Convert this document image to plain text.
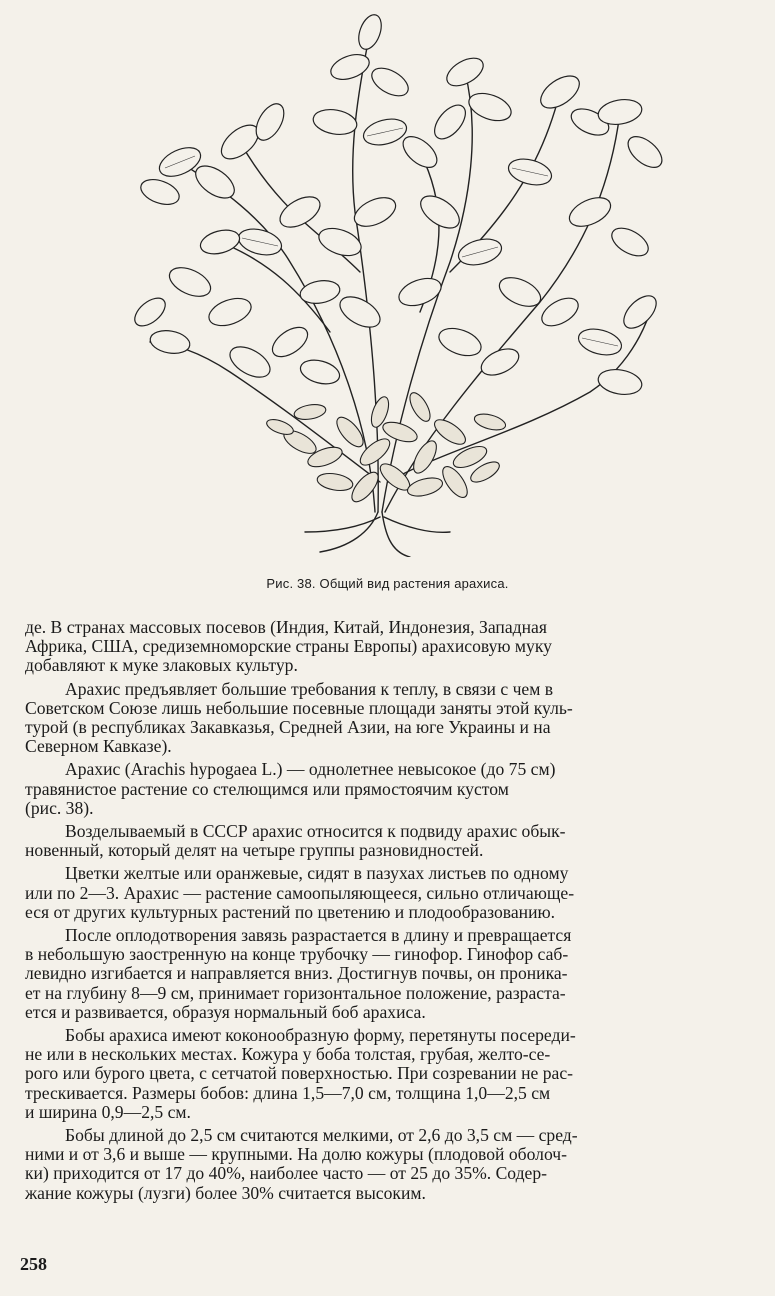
Рис. 38. Общий вид растения арахиса.

де. В странах массовых посевов (Индия, Китай, Индонезия, Западная
Африка, США, средиземноморские страны Европы) арахисовую муку
добавляют к муке злаковых культур.

Арахис предъявляет большие требования к теплу, в связи с чем в
Советском Союзе лишь небольшие посевные площади заняты этой куль-
турой (в республиках Закавказья, Средней Азии, на юге Украины и на
Северном Кавказе).

Арахис (Arachis hypogaea L.) — однолетнее невысокое (до 75 см)
травянистое растение со стелющимся или прямостоячим кустом
(рис. 38).

Возделываемый в СССР арахис относится к подвиду арахис обык-
новенный, который делят на четыре группы разновидностей.

Цветки желтые или оранжевые, сидят в пазухах листьев по одному
или по 2—3. Арахис — растение самоопыляющееся, сильно отличающе-
еся от других культурных растений по цветению и плодообразованию.

После оплодотворения завязь разрастается в длину и превращается
в небольшую заостренную на конце трубочку — гинофор. Гинофор саб-
левидно изгибается и направляется вниз. Достигнув почвы, он проника-
ет на глубину 8—9 см, принимает горизонтальное положение, разраста-
ется и развивается, образуя нормальный боб арахиса.

Бобы арахиса имеют коконообразную форму, перетянуты посереди-
не или в нескольких местах. Кожура у боба толстая, грубая, желто-се-
рого или бурого цвета, с сетчатой поверхностью. При созревании не рас-
трескивается. Размеры бобов: длина 1,5—7,0 см, толщина 1,0—2,5 см
и ширина 0,9—2,5 см.

Бобы длиной до 2,5 см считаются мелкими, от 2,6 до 3,5 см — сред-
ними и от 3,6 и выше — крупными. На долю кожуры (плодовой оболоч-
ки) приходится от 17 до 40%, наиболее часто — от 25 до 35%. Содер-
жание кожуры (лузги) более 30% считается высоким.

258
